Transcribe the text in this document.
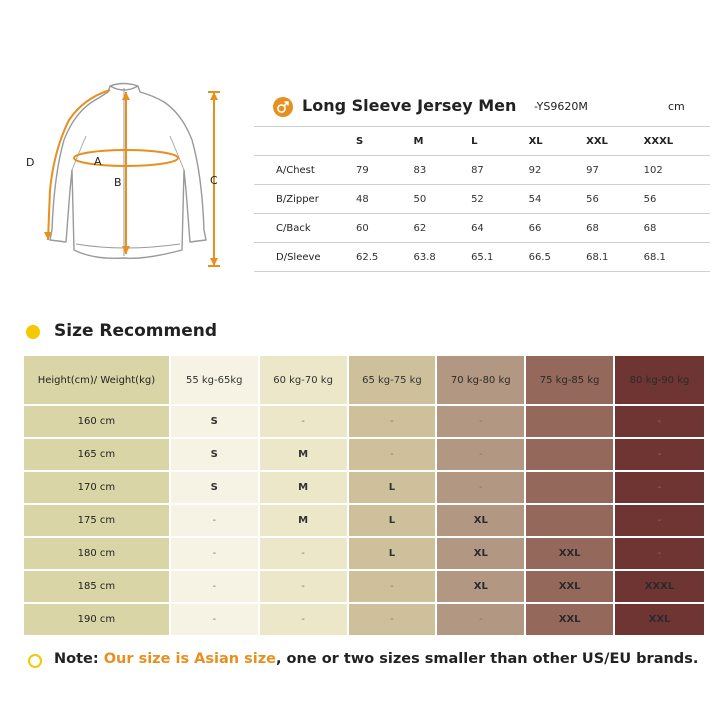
D	A
B	C
Long Sleeve Jersey Men -YS9620M	cm
	S	M	L	XL	XXL	XXXL
A/Chest	79	83	87	92	97	102
B/Zipper	48	50	52	54	56	56
C/Back	60	62	64	66	68	68
D/Sleeve	62.5	63.8	65.1	66.5	68.1	68.1
Size Recommend
Height(cm)/ Weight(kg)	55 kg-65kg	60 kg-70 kg	65 kg-75 kg	70 kg-80 kg	75 kg-85 kg	80 kg-90 kg
160 cm	S	-	-	-	-	-
165 cm	S	M	-	-	-	-
170 cm	S	M	L	-	-	-
175 cm	-	M	L	XL	-	-
180 cm	-	-	L	XL	XXL	-
185 cm	-	-	-	XL	XXL	XXXL
190 cm	-	-	-	-	XXL	XXL
Note: Our size is Asian size, one or two sizes smaller than other US/EU brands.
